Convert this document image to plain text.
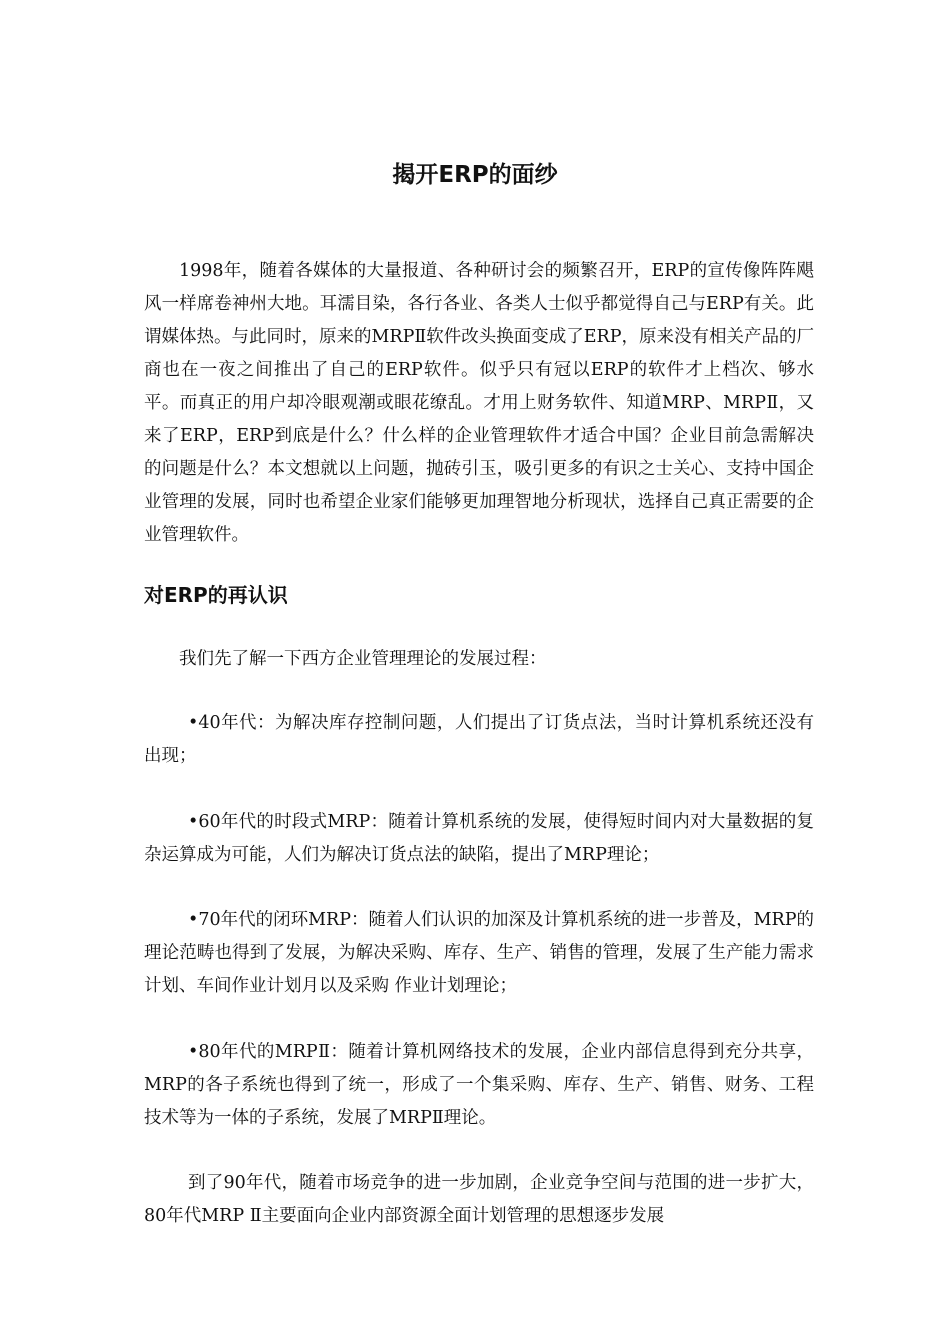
揭开ERP的面纱

1998年，随着各媒体的大量报道、各种研讨会的频繁召开，ERP的宣传像阵阵飓风一样席卷神州大地。耳濡目染，各行各业、各类人士似乎都觉得自己与ERP有关。此谓媒体热。与此同时，原来的MRPⅡ软件改头换面变成了ERP，原来没有相关产品的厂商也在一夜之间推出了自己的ERP软件。似乎只有冠以ERP的软件才上档次、够水平。而真正的用户却冷眼观潮或眼花缭乱。才用上财务软件、知道MRP、MRPⅡ，又来了ERP，ERP到底是什么？什么样的企业管理软件才适合中国？企业目前急需解决的问题是什么？本文想就以上问题，抛砖引玉，吸引更多的有识之士关心、支持中国企业管理的发展，同时也希望企业家们能够更加理智地分析现状，选择自己真正需要的企业管理软件。

对ERP的再认识

我们先了解一下西方企业管理理论的发展过程：

•40年代：为解决库存控制问题，人们提出了订货点法，当时计算机系统还没有出现；

•60年代的时段式MRP：随着计算机系统的发展，使得短时间内对大量数据的复杂运算成为可能，人们为解决订货点法的缺陷，提出了MRP理论；

•70年代的闭环MRP：随着人们认识的加深及计算机系统的进一步普及，MRP的理论范畴也得到了发展，为解决采购、库存、生产、销售的管理，发展了生产能力需求计划、车间作业计划月以及采购 作业计划理论；

•80年代的MRPⅡ：随着计算机网络技术的发展，企业内部信息得到充分共享，MRP的各子系统也得到了统一，形成了一个集采购、库存、生产、销售、财务、工程技术等为一体的子系统，发展了MRPⅡ理论。

到了90年代，随着市场竞争的进一步加剧，企业竞争空间与范围的进一步扩大，80年代MRP Ⅱ主要面向企业内部资源全面计划管理的思想逐步发展
